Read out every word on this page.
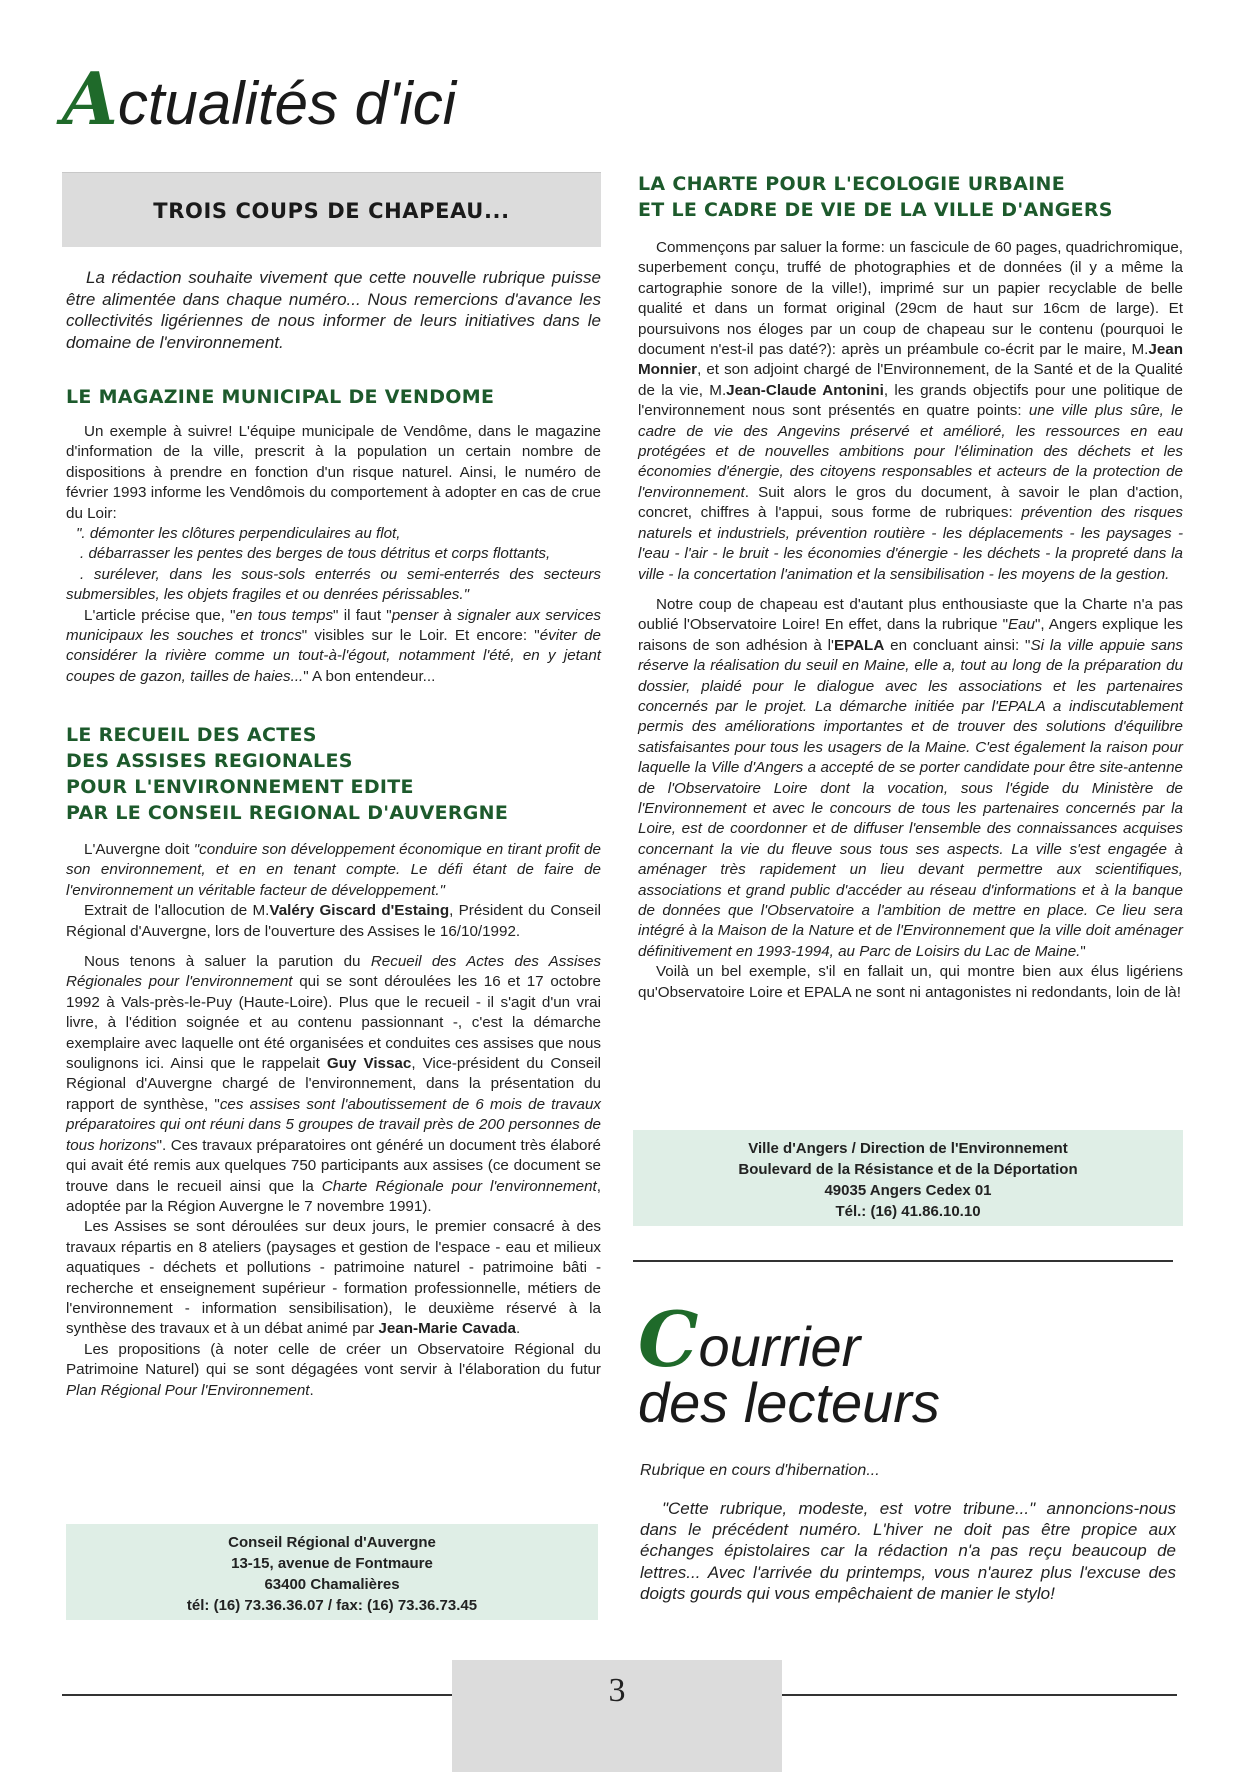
Actualités d'ici
TROIS COUPS DE CHAPEAU...
La rédaction souhaite vivement que cette nouvelle rubrique puisse être alimentée dans chaque numéro... Nous remercions d'avance les collectivités ligériennes de nous informer de leurs initiatives dans le domaine de l'environnement.
LE MAGAZINE MUNICIPAL DE VENDOME

Un exemple à suivre! L'équipe municipale de Vendôme, dans le magazine d'information de la ville, prescrit à la population un certain nombre de dispositions à prendre en fonction d'un risque naturel. Ainsi, le numéro de février 1993 informe les Vendômois du comportement à adopter en cas de crue du Loir:

". démonter les clôtures perpendiculaires au flot,

. débarrasser les pentes des berges de tous détritus et corps flottants,

. surélever, dans les sous-sols enterrés ou semi-enterrés des secteurs submersibles, les objets fragiles et ou denrées périssables."

L'article précise que, "en tous temps" il faut "penser à signaler aux services municipaux les souches et troncs" visibles sur le Loir. Et encore: "éviter de considérer la rivière comme un tout-à-l'égout, notamment l'été, en y jetant coupes de gazon, tailles de haies..." A bon entendeur...

LE RECUEIL DES ACTES
DES ASSISES REGIONALES
POUR L'ENVIRONNEMENT EDITE
PAR LE CONSEIL REGIONAL D'AUVERGNE

L'Auvergne doit "conduire son développement économique en tirant profit de son environnement, et en en tenant compte. Le défi étant de faire de l'environnement un véritable facteur de développement."

Extrait de l'allocution de M.Valéry Giscard d'Estaing, Président du Conseil Régional d'Auvergne, lors de l'ouverture des Assises le 16/10/1992.

Nous tenons à saluer la parution du Recueil des Actes des Assises Régionales pour l'environnement qui se sont déroulées les 16 et 17 octobre 1992 à Vals-près-le-Puy (Haute-Loire). Plus que le recueil - il s'agit d'un vrai livre, à l'édition soignée et au contenu passionnant -, c'est la démarche exemplaire avec laquelle ont été organisées et conduites ces assises que nous soulignons ici. Ainsi que le rappelait Guy Vissac, Vice-président du Conseil Régional d'Auvergne chargé de l'environnement, dans la présentation du rapport de synthèse, "ces assises sont l'aboutissement de 6 mois de travaux préparatoires qui ont réuni dans 5 groupes de travail près de 200 personnes de tous horizons". Ces travaux préparatoires ont généré un document très élaboré qui avait été remis aux quelques 750 participants aux assises (ce document se trouve dans le recueil ainsi que la Charte Régionale pour l'environnement, adoptée par la Région Auvergne le 7 novembre 1991).

Les Assises se sont déroulées sur deux jours, le premier consacré à des travaux répartis en 8 ateliers (paysages et gestion de l'espace - eau et milieux aquatiques - déchets et pollutions - patrimoine naturel - patrimoine bâti - recherche et enseignement supérieur - formation professionnelle, métiers de l'environnement - information sensibilisation), le deuxième réservé à la synthèse des travaux et à un débat animé par Jean-Marie Cavada.

Les propositions (à noter celle de créer un Observatoire Régional du Patrimoine Naturel) qui se sont dégagées vont servir à l'élaboration du futur Plan Régional Pour l'Environnement.

Conseil Régional d'Auvergne
13-15, avenue de Fontmaure
63400 Chamalières
tél: (16) 73.36.36.07 / fax: (16) 73.36.73.45
LA CHARTE POUR L'ECOLOGIE URBAINE
ET LE CADRE DE VIE DE LA VILLE D'ANGERS

Commençons par saluer la forme: un fascicule de 60 pages, quadrichromique, superbement conçu, truffé de photographies et de données (il y a même la cartographie sonore de la ville!), imprimé sur un papier recyclable de belle qualité et dans un format original (29cm de haut sur 16cm de large). Et poursuivons nos éloges par un coup de chapeau sur le contenu (pourquoi le document n'est-il pas daté?): après un préambule co-écrit par le maire, M.Jean Monnier, et son adjoint chargé de l'Environnement, de la Santé et de la Qualité de la vie, M.Jean-Claude Antonini, les grands objectifs pour une politique de l'environnement nous sont présentés en quatre points: une ville plus sûre, le cadre de vie des Angevins préservé et amélioré, les ressources en eau protégées et de nouvelles ambitions pour l'élimination des déchets et les économies d'énergie, des citoyens responsables et acteurs de la protection de l'environnement. Suit alors le gros du document, à savoir le plan d'action, concret, chiffres à l'appui, sous forme de rubriques: prévention des risques naturels et industriels, prévention routière - les déplacements - les paysages - l'eau - l'air - le bruit - les économies d'énergie - les déchets - la propreté dans la ville - la concertation l'animation et la sensibilisation - les moyens de la gestion.

Notre coup de chapeau est d'autant plus enthousiaste que la Charte n'a pas oublié l'Observatoire Loire! En effet, dans la rubrique "Eau", Angers explique les raisons de son adhésion à l'EPALA en concluant ainsi: "Si la ville appuie sans réserve la réalisation du seuil en Maine, elle a, tout au long de la préparation du dossier, plaidé pour le dialogue avec les associations et les partenaires concernés par le projet. La démarche initiée par l'EPALA a indiscutablement permis des améliorations importantes et de trouver des solutions d'équilibre satisfaisantes pour tous les usagers de la Maine. C'est également la raison pour laquelle la Ville d'Angers a accepté de se porter candidate pour être site-antenne de l'Observatoire Loire dont la vocation, sous l'égide du Ministère de l'Environnement et avec le concours de tous les partenaires concernés par la Loire, est de coordonner et de diffuser l'ensemble des connaissances acquises concernant la vie du fleuve sous tous ses aspects. La ville s'est engagée à aménager très rapidement un lieu devant permettre aux scientifiques, associations et grand public d'accéder au réseau d'informations et à la banque de données que l'Observatoire a l'ambition de mettre en place. Ce lieu sera intégré à la Maison de la Nature et de l'Environnement que la ville doit aménager définitivement en 1993-1994, au Parc de Loisirs du Lac de Maine."

Voilà un bel exemple, s'il en fallait un, qui montre bien aux élus ligériens qu'Observatoire Loire et EPALA ne sont ni antagonistes ni redondants, loin de là!

Ville d'Angers / Direction de l'Environnement
Boulevard de la Résistance et de la Déportation
49035 Angers Cedex 01
Tél.: (16) 41.86.10.10
Courrier
des lecteurs
Rubrique en cours d'hibernation...
"Cette rubrique, modeste, est votre tribune..." annoncions-nous dans le précédent numéro. L'hiver ne doit pas être propice aux échanges épistolaires car la rédaction n'a pas reçu beaucoup de lettres... Avec l'arrivée du printemps, vous n'aurez plus l'excuse des doigts gourds qui vous empêchaient de manier le stylo!
3
